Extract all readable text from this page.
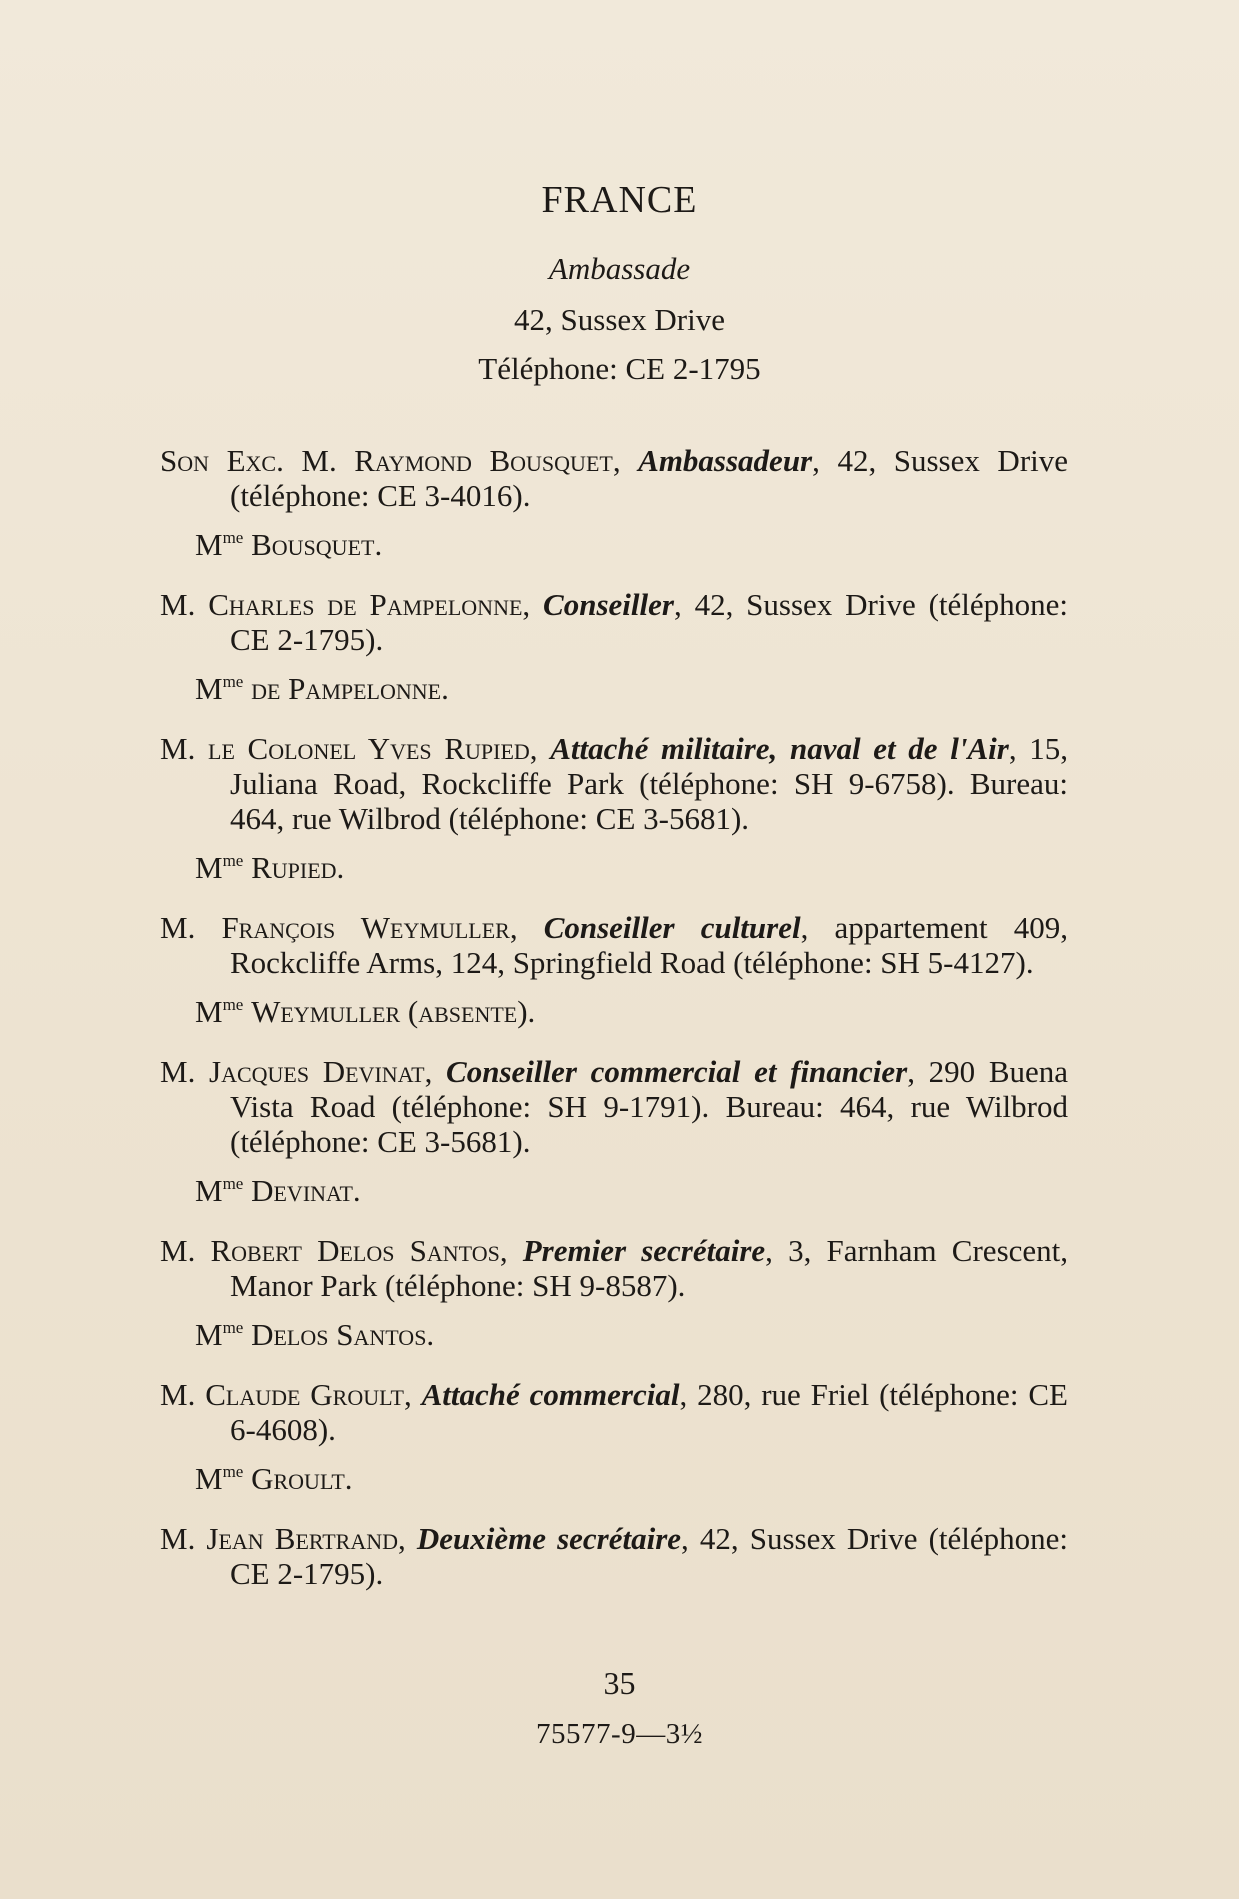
FRANCE
Ambassade
42, Sussex Drive
Téléphone: CE 2-1795
Son Exc. M. Raymond Bousquet, Ambassadeur, 42, Sussex Drive (téléphone: CE 3-4016).
$M^{me}$ Bousquet.
M. Charles de Pampelonne, Conseiller, 42, Sussex Drive (téléphone: CE 2-1795).
$M^{me}$ de Pampelonne.
M. le Colonel Yves Rupied, Attaché militaire, naval et de l'Air, 15, Juliana Road, Rockcliffe Park (téléphone: SH 9-6758). Bureau: 464, rue Wilbrod (téléphone: CE 3-5681).
$M^{me}$ Rupied.
M. François Weymuller, Conseiller culturel, appartement 409, Rockcliffe Arms, 124, Springfield Road (téléphone: SH 5-4127).
$M^{me}$ Weymuller (absente).
M. Jacques Devinat, Conseiller commercial et financier, 290 Buena Vista Road (téléphone: SH 9-1791). Bureau: 464, rue Wilbrod (téléphone: CE 3-5681).
$M^{me}$ Devinat.
M. Robert Delos Santos, Premier secrétaire, 3, Farnham Crescent, Manor Park (téléphone: SH 9-8587).
$M^{me}$ Delos Santos.
M. Claude Groult, Attaché commercial, 280, rue Friel (téléphone: CE 6-4608).
$M^{me}$ Groult.
M. Jean Bertrand, Deuxième secrétaire, 42, Sussex Drive (téléphone: CE 2-1795).
35
75577-9—3½
